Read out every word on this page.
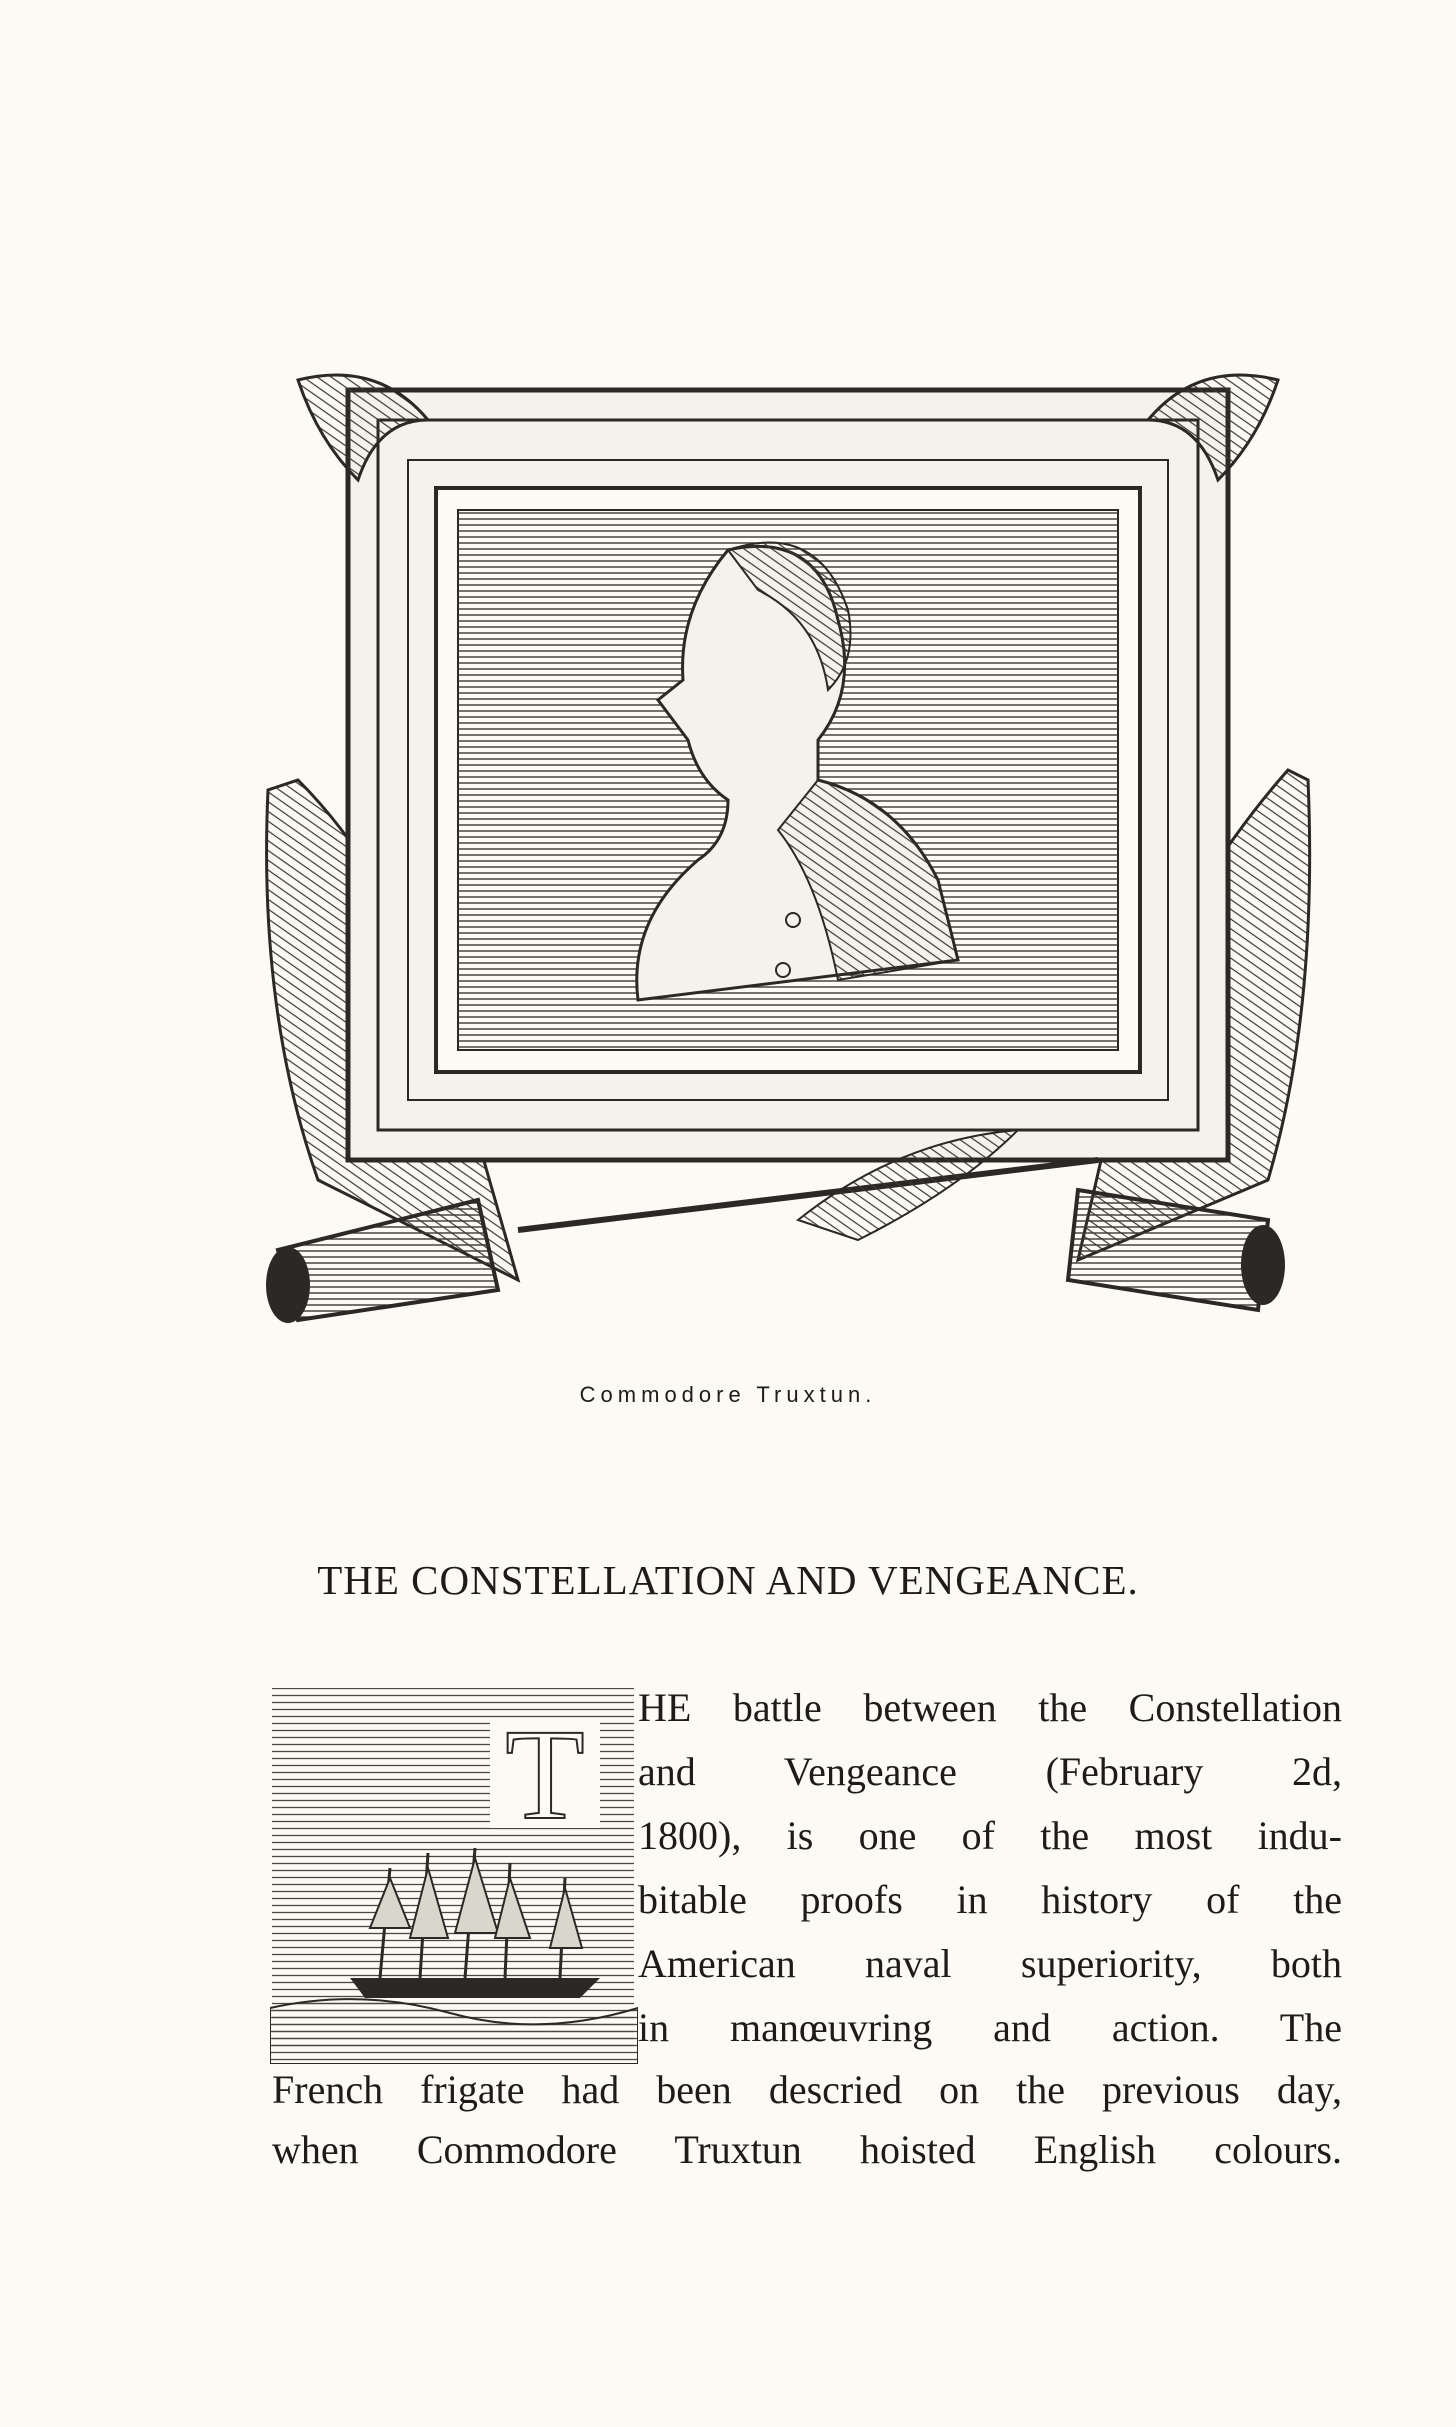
Commodore Truxtun.
THE CONSTELLATION AND VENGEANCE.
T HE battle between the Constellation
and Vengeance (February 2d,
1800), is one of the most indu-
bitable proofs in history of the
American naval superiority, both
in manœuvring and action. The
French frigate had been descried on the previous day,
when Commodore Truxtun hoisted English colours.
